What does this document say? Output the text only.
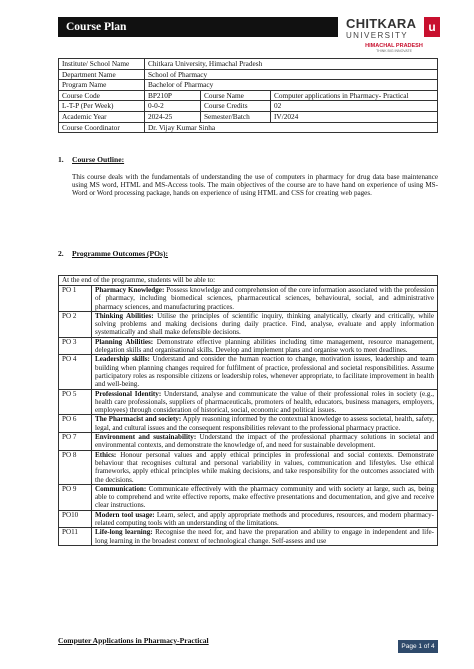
Course Plan	CHITKARA
UNIVERSITY
u
HIMACHAL PRADESH
THINK BIG INNOVATE
Institute/ School Name	Chitkara University, Himachal Pradesh		
Department Name	School of Pharmacy		
Program Name	Bachelor of Pharmacy		
Course Code	BP210P	Course Name	Computer applications in Pharmacy- Practical
L-T-P (Per Week)	0-0-2	Course Credits	02
Academic Year	2024-25	Semester/Batch	IV/2024
Course Coordinator	Dr. Vijay Kumar Sinha		
1. Course Outline:
This course deals with the fundamentals of understanding the use of computers in pharmacy for drug data base maintenance using MS word, HTML and MS-Access tools. The main objectives of the course are to have hand on experience of using MS-Word or Word processing package, hands on experience of using HTML and CSS for creating web pages.
2. Programme Outcomes (POs):
At the end of the programme, students will be able to:	
PO 1	Pharmacy Knowledge: Possess knowledge and comprehension of the core information associated with the profession of pharmacy, including biomedical sciences, pharmaceutical sciences, behavioural, social, and administrative pharmacy sciences, and manufacturing practices.
PO 2	Thinking Abilities: Utilise the principles of scientific inquiry, thinking analytically, clearly and critically, while solving problems and making decisions during daily practice. Find, analyse, evaluate and apply information systematically and shall make defensible decisions.
PO 3	Planning Abilities: Demonstrate effective planning abilities including time management, resource management, delegation skills and organisational skills. Develop and implement plans and organise work to meet deadlines.
PO 4	Leadership skills: Understand and consider the human reaction to change, motivation issues, leadership and team building when planning changes required for fulfilment of practice, professional and societal responsibilities. Assume participatory roles as responsible citizens or leadership roles, whenever appropriate, to facilitate improvement in health and well-being.
PO 5	Professional Identity: Understand, analyse and communicate the value of their professional roles in society (e.g., health care professionals, suppliers of pharmaceuticals, promoters of health, educators, business managers, employers, employees) through consideration of historical, social, economic and political issues.
PO 6	The Pharmacist and society: Apply reasoning informed by the contextual knowledge to assess societal, health, safety, legal, and cultural issues and the consequent responsibilities relevant to the professional pharmacy practice.
PO 7	Environment and sustainability: Understand the impact of the professional pharmacy solutions in societal and environmental contexts, and demonstrate the knowledge of, and need for sustainable development.
PO 8	Ethics: Honour personal values and apply ethical principles in professional and social contexts. Demonstrate behaviour that recognises cultural and personal variability in values, communication and lifestyles. Use ethical frameworks, apply ethical principles while making decisions, and take responsibility for the outcomes associated with the decisions.
PO 9	Communication: Communicate effectively with the pharmacy community and with society at large, such as, being able to comprehend and write effective reports, make effective presentations and documentation, and give and receive clear instructions.
PO10	Modern tool usage: Learn, select, and apply appropriate methods and procedures, resources, and modern pharmacy-related computing tools with an understanding of the limitations.
PO11	Life-long learning: Recognise the need for, and have the preparation and ability to engage in independent and life-long learning in the broadest context of technological change. Self-assess and use
Computer Applications in Pharmacy-Practical
Page 1 of 4
